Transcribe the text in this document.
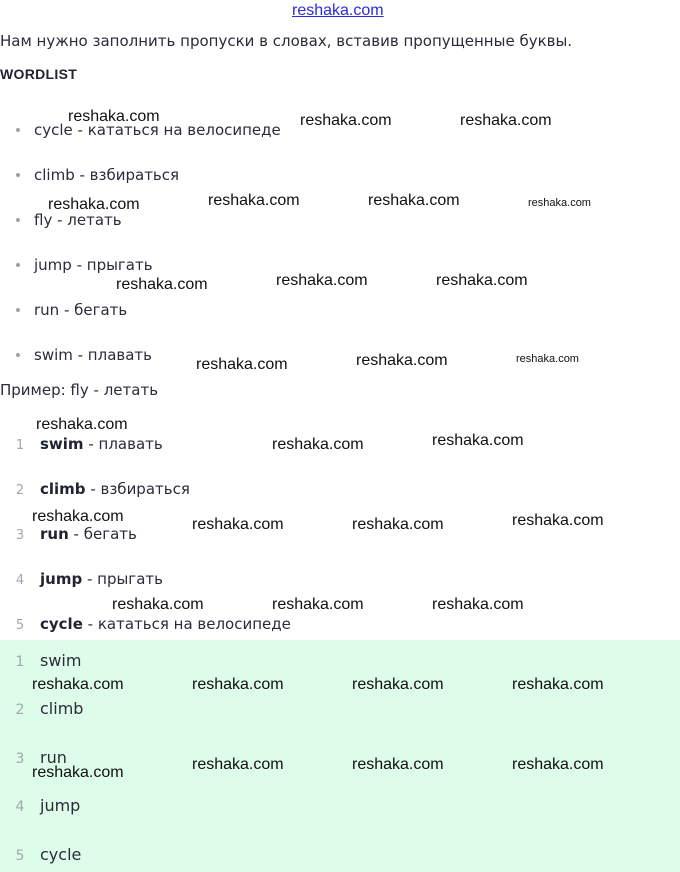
reshaka.com
Нам нужно заполнить пропуски в словах, вставив пропущенные буквы.
WORDLIST
cycle - кататься на велосипеде
climb - взбираться
fly - летать
jump - прыгать
run - бегать
swim - плавать
Пример: fly - летать
1 swim - плавать
2 climb - взбираться
3 run - бегать
4 jump - прыгать
5 cycle - кататься на велосипеде
1 swim
2 climb
3 run
4 jump
5 cycle
reshaka.com	reshaka.com	reshaka.com
reshaka.com	reshaka.com	reshaka.com	reshaka.com
reshaka.com	reshaka.com	reshaka.com
reshaka.com	reshaka.com	reshaka.com
reshaka.com
reshaka.com	reshaka.com
reshaka.com	reshaka.com	reshaka.com	reshaka.com
reshaka.com	reshaka.com	reshaka.com
reshaka.com	reshaka.com	reshaka.com	reshaka.com
reshaka.com	reshaka.com	reshaka.com	reshaka.com
